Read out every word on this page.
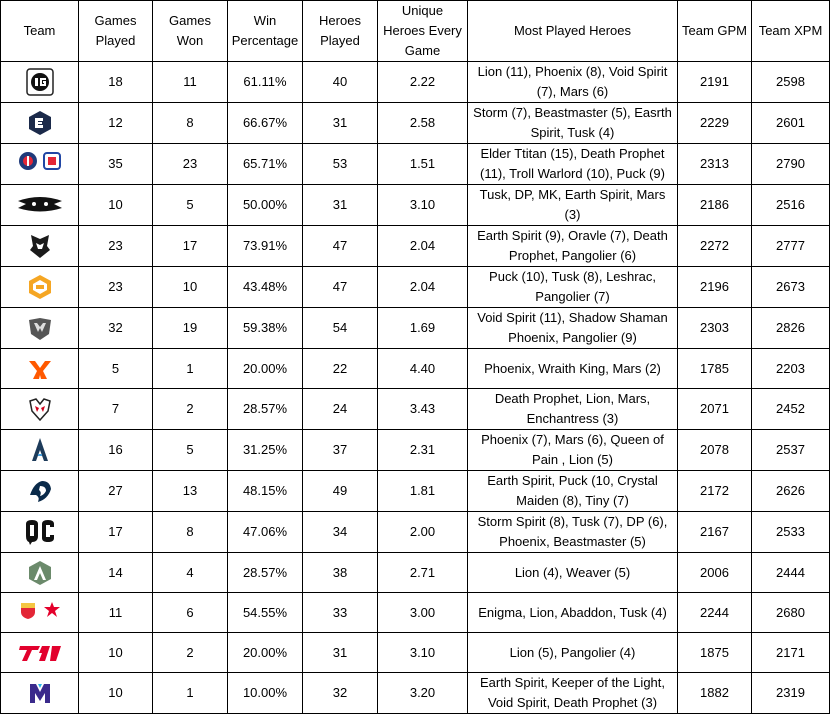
Team	Games Played	Games Won	Win Percentage	Heroes Played	Unique Heroes Every Game	Most Played Heroes	Team GPM	Team XPM

	18	11	61.11%	40	2.22	Lion (11), Phoenix (8), Void Spirit (7), Mars (6)	2191	2598

	12	8	66.67%	31	2.58	Storm (7), Beastmaster (5), Easrth Spirit, Tusk (4)	2229	2601

	35	23	65.71%	53	1.51	Elder Ttitan (15), Death Prophet (11), Troll Warlord (10), Puck (9)	2313	2790

	10	5	50.00%	31	3.10	Tusk, DP, MK, Earth Spirit, Mars (3)	2186	2516

	23	17	73.91%	47	2.04	Earth Spirit (9), Oravle (7), Death Prophet, Pangolier (6)	2272	2777

	23	10	43.48%	47	2.04	Puck (10), Tusk (8), Leshrac, Pangolier (7)	2196	2673

	32	19	59.38%	54	1.69	Void Spirit (11), Shadow Shaman Phoenix, Pangolier (9)	2303	2826

	5	1	20.00%	22	4.40	Phoenix, Wraith King, Mars (2)	1785	2203

	7	2	28.57%	24	3.43	Death Prophet, Lion, Mars, Enchantress (3)	2071	2452

	16	5	31.25%	37	2.31	Phoenix (7), Mars (6), Queen of Pain , Lion (5)	2078	2537

	27	13	48.15%	49	1.81	Earth Spirit, Puck (10, Crystal Maiden (8), Tiny (7)	2172	2626

	17	8	47.06%	34	2.00	Storm Spirit (8), Tusk (7), DP (6), Phoenix, Beastmaster (5)	2167	2533

	14	4	28.57%	38	2.71	Lion (4), Weaver (5)	2006	2444

	11	6	54.55%	33	3.00	Enigma, Lion, Abaddon, Tusk (4)	2244	2680

	10	2	20.00%	31	3.10	Lion (5), Pangolier (4)	1875	2171

	10	1	10.00%	32	3.20	Earth Spirit, Keeper of the Light, Void Spirit, Death Prophet (3)	1882	2319
